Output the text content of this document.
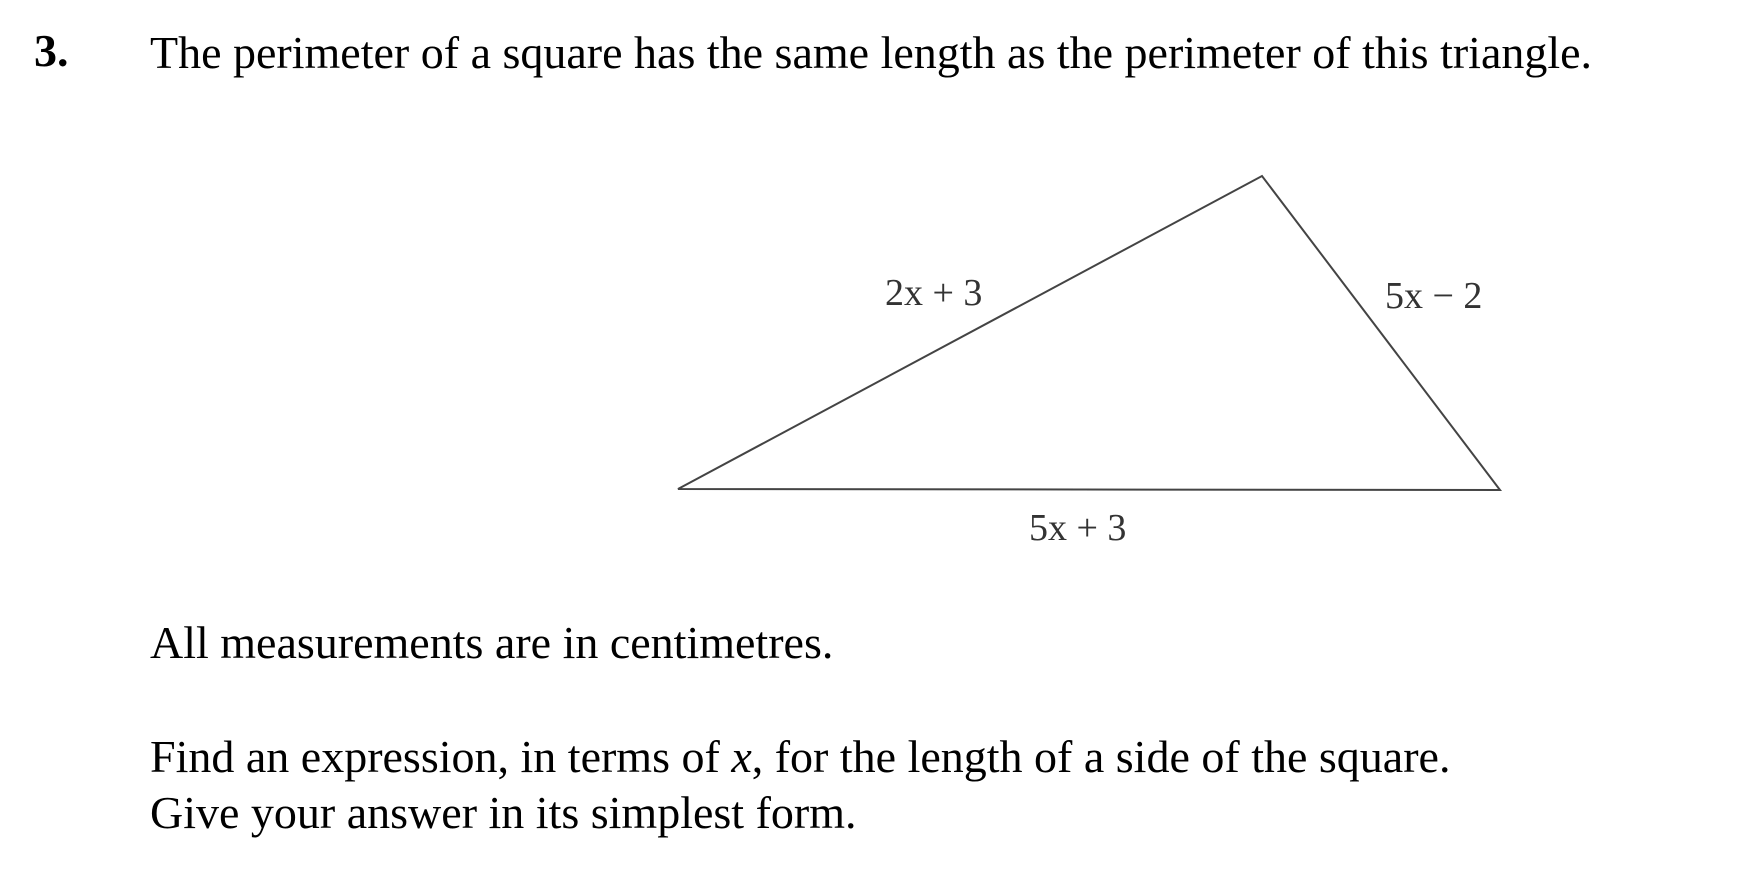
3. The perimeter of a square has the same length as the perimeter of this triangle.
2x + 3	5x − 2
5x + 3
All measurements are in centimetres.
Find an expression, in terms of x, for the length of a side of the square.
Give your answer in its simplest form.
